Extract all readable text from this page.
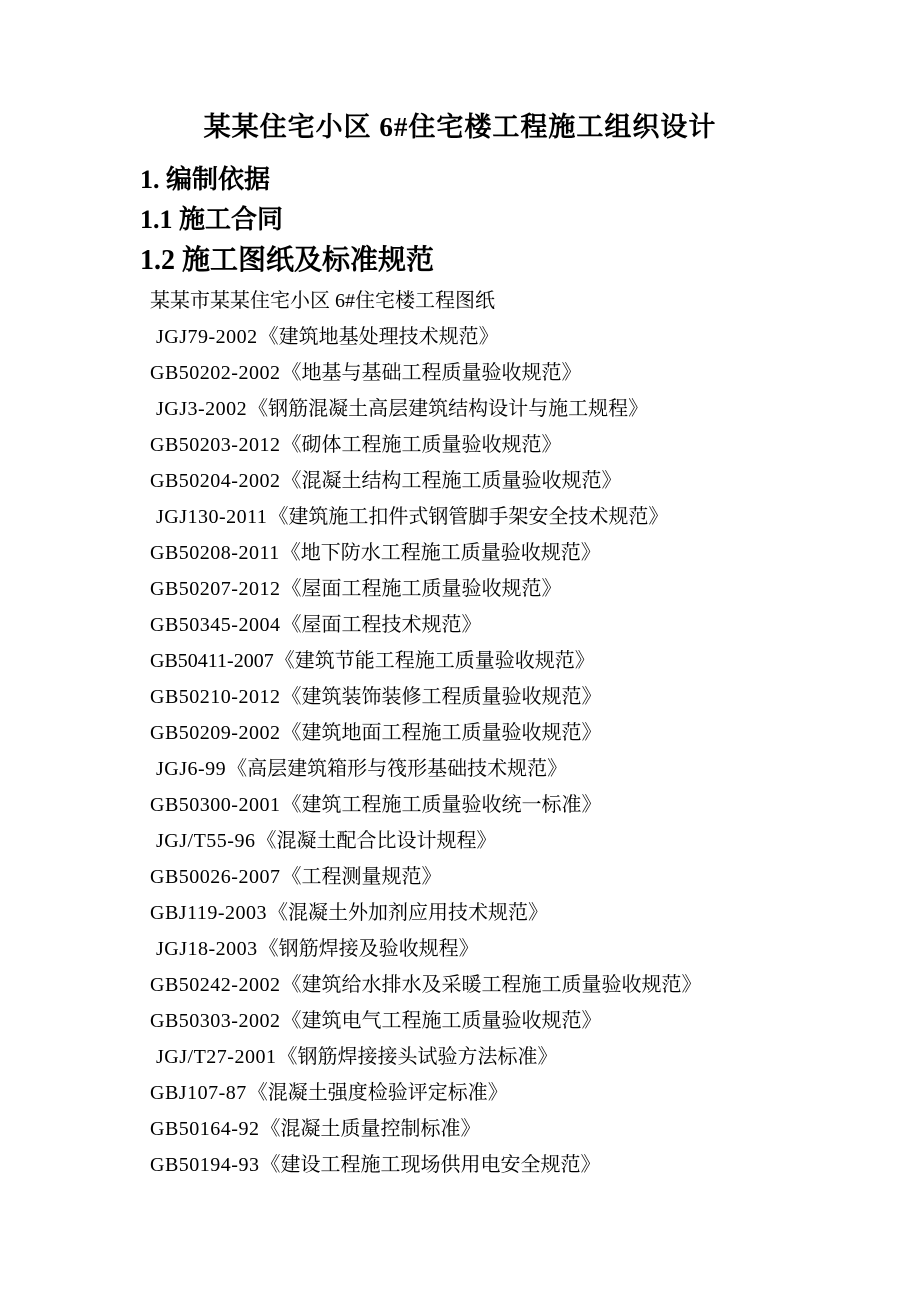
某某住宅小区 6#住宅楼工程施工组织设计
1. 编制依据
1.1 施工合同
1.2 施工图纸及标准规范
某某市某某住宅小区 6#住宅楼工程图纸
JGJ79-2002《建筑地基处理技术规范》
GB50202-2002《地基与基础工程质量验收规范》
JGJ3-2002《钢筋混凝土高层建筑结构设计与施工规程》
GB50203-2012《砌体工程施工质量验收规范》
GB50204-2002《混凝土结构工程施工质量验收规范》
JGJ130-2011《建筑施工扣件式钢管脚手架安全技术规范》
GB50208-2011《地下防水工程施工质量验收规范》
GB50207-2012《屋面工程施工质量验收规范》
GB50345-2004《屋面工程技术规范》
GB50411-2007《建筑节能工程施工质量验收规范》
GB50210-2012《建筑装饰装修工程质量验收规范》
GB50209-2002《建筑地面工程施工质量验收规范》
JGJ6-99《高层建筑箱形与筏形基础技术规范》
GB50300-2001《建筑工程施工质量验收统一标准》
JGJ/T55-96《混凝土配合比设计规程》
GB50026-2007《工程测量规范》
GBJ119-2003《混凝土外加剂应用技术规范》
JGJ18-2003《钢筋焊接及验收规程》
GB50242-2002《建筑给水排水及采暖工程施工质量验收规范》
GB50303-2002《建筑电气工程施工质量验收规范》
JGJ/T27-2001《钢筋焊接接头试验方法标准》
GBJ107-87《混凝土强度检验评定标准》
GB50164-92《混凝土质量控制标准》
GB50194-93《建设工程施工现场供用电安全规范》
